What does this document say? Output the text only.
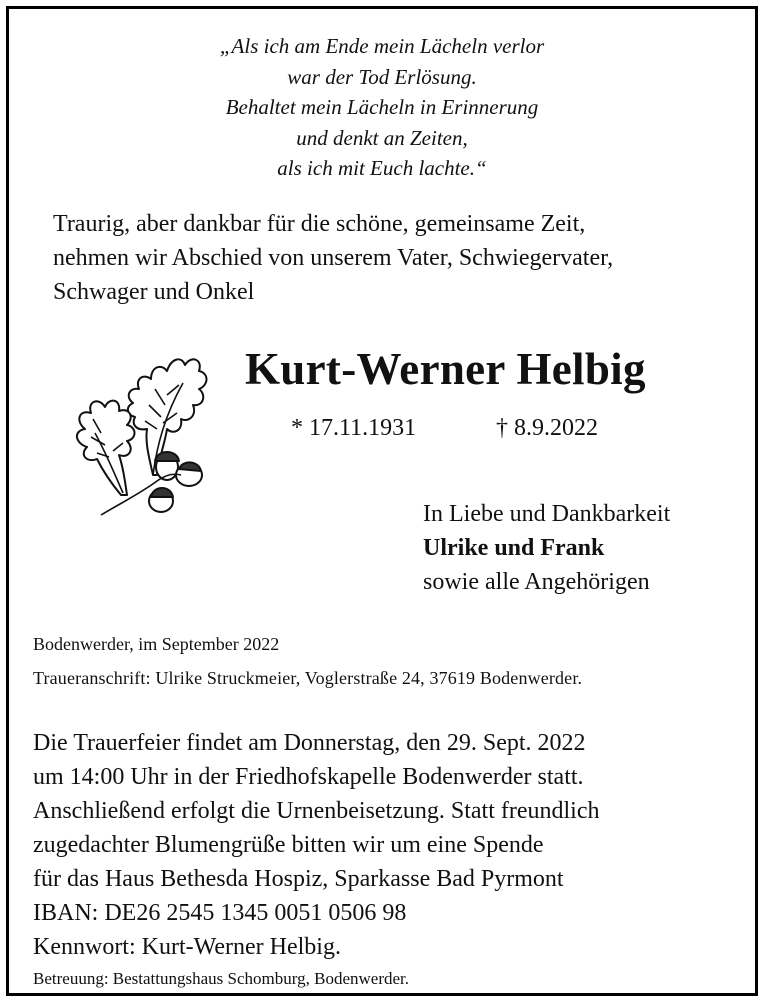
„Als ich am Ende mein Lächeln verlor
war der Tod Erlösung.
Behaltet mein Lächeln in Erinnerung
und denkt an Zeiten,
als ich mit Euch lachte.“
Traurig, aber dankbar für die schöne, gemeinsame Zeit,
nehmen wir Abschied von unserem Vater, Schwiegervater,
Schwager und Onkel
Kurt-Werner Helbig
* 17.11.1931	† 8.9.2022
In Liebe und Dankbarkeit
Ulrike und Frank
sowie alle Angehörigen
Bodenwerder, im September 2022
Traueranschrift: Ulrike Struckmeier, Voglerstraße 24, 37619 Bodenwerder.
Die Trauerfeier findet am Donnerstag, den 29. Sept. 2022
um 14:00 Uhr in der Friedhofskapelle Bodenwerder statt.
Anschließend erfolgt die Urnenbeisetzung. Statt freundlich
zugedachter Blumengrüße bitten wir um eine Spende
für das Haus Bethesda Hospiz, Sparkasse Bad Pyrmont
IBAN: DE26 2545 1345 0051 0506 98
Kennwort: Kurt-Werner Helbig.
Betreuung: Bestattungshaus Schomburg, Bodenwerder.
